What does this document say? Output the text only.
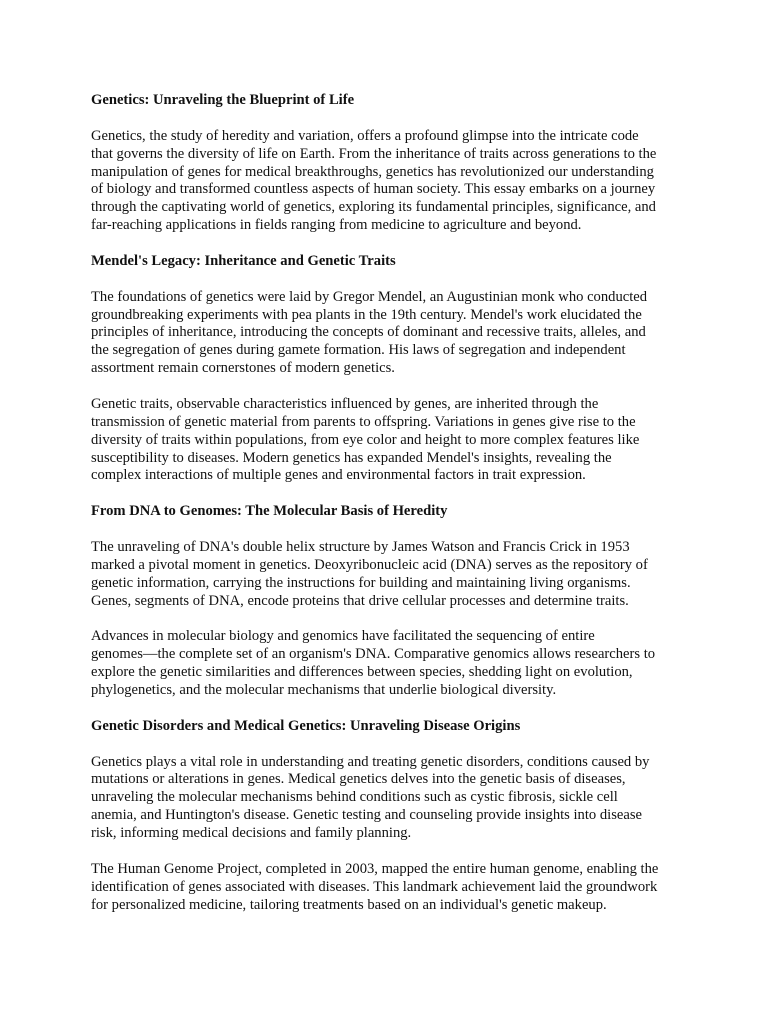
Genetics: Unraveling the Blueprint of Life
Genetics, the study of heredity and variation, offers a profound glimpse into the intricate code
that governs the diversity of life on Earth. From the inheritance of traits across generations to the
manipulation of genes for medical breakthroughs, genetics has revolutionized our understanding
of biology and transformed countless aspects of human society. This essay embarks on a journey
through the captivating world of genetics, exploring its fundamental principles, significance, and
far-reaching applications in fields ranging from medicine to agriculture and beyond.
Mendel's Legacy: Inheritance and Genetic Traits
The foundations of genetics were laid by Gregor Mendel, an Augustinian monk who conducted
groundbreaking experiments with pea plants in the 19th century. Mendel's work elucidated the
principles of inheritance, introducing the concepts of dominant and recessive traits, alleles, and
the segregation of genes during gamete formation. His laws of segregation and independent
assortment remain cornerstones of modern genetics.
Genetic traits, observable characteristics influenced by genes, are inherited through the
transmission of genetic material from parents to offspring. Variations in genes give rise to the
diversity of traits within populations, from eye color and height to more complex features like
susceptibility to diseases. Modern genetics has expanded Mendel's insights, revealing the
complex interactions of multiple genes and environmental factors in trait expression.
From DNA to Genomes: The Molecular Basis of Heredity
The unraveling of DNA's double helix structure by James Watson and Francis Crick in 1953
marked a pivotal moment in genetics. Deoxyribonucleic acid (DNA) serves as the repository of
genetic information, carrying the instructions for building and maintaining living organisms.
Genes, segments of DNA, encode proteins that drive cellular processes and determine traits.
Advances in molecular biology and genomics have facilitated the sequencing of entire
genomes—the complete set of an organism's DNA. Comparative genomics allows researchers to
explore the genetic similarities and differences between species, shedding light on evolution,
phylogenetics, and the molecular mechanisms that underlie biological diversity.
Genetic Disorders and Medical Genetics: Unraveling Disease Origins
Genetics plays a vital role in understanding and treating genetic disorders, conditions caused by
mutations or alterations in genes. Medical genetics delves into the genetic basis of diseases,
unraveling the molecular mechanisms behind conditions such as cystic fibrosis, sickle cell
anemia, and Huntington's disease. Genetic testing and counseling provide insights into disease
risk, informing medical decisions and family planning.
The Human Genome Project, completed in 2003, mapped the entire human genome, enabling the
identification of genes associated with diseases. This landmark achievement laid the groundwork
for personalized medicine, tailoring treatments based on an individual's genetic makeup.
